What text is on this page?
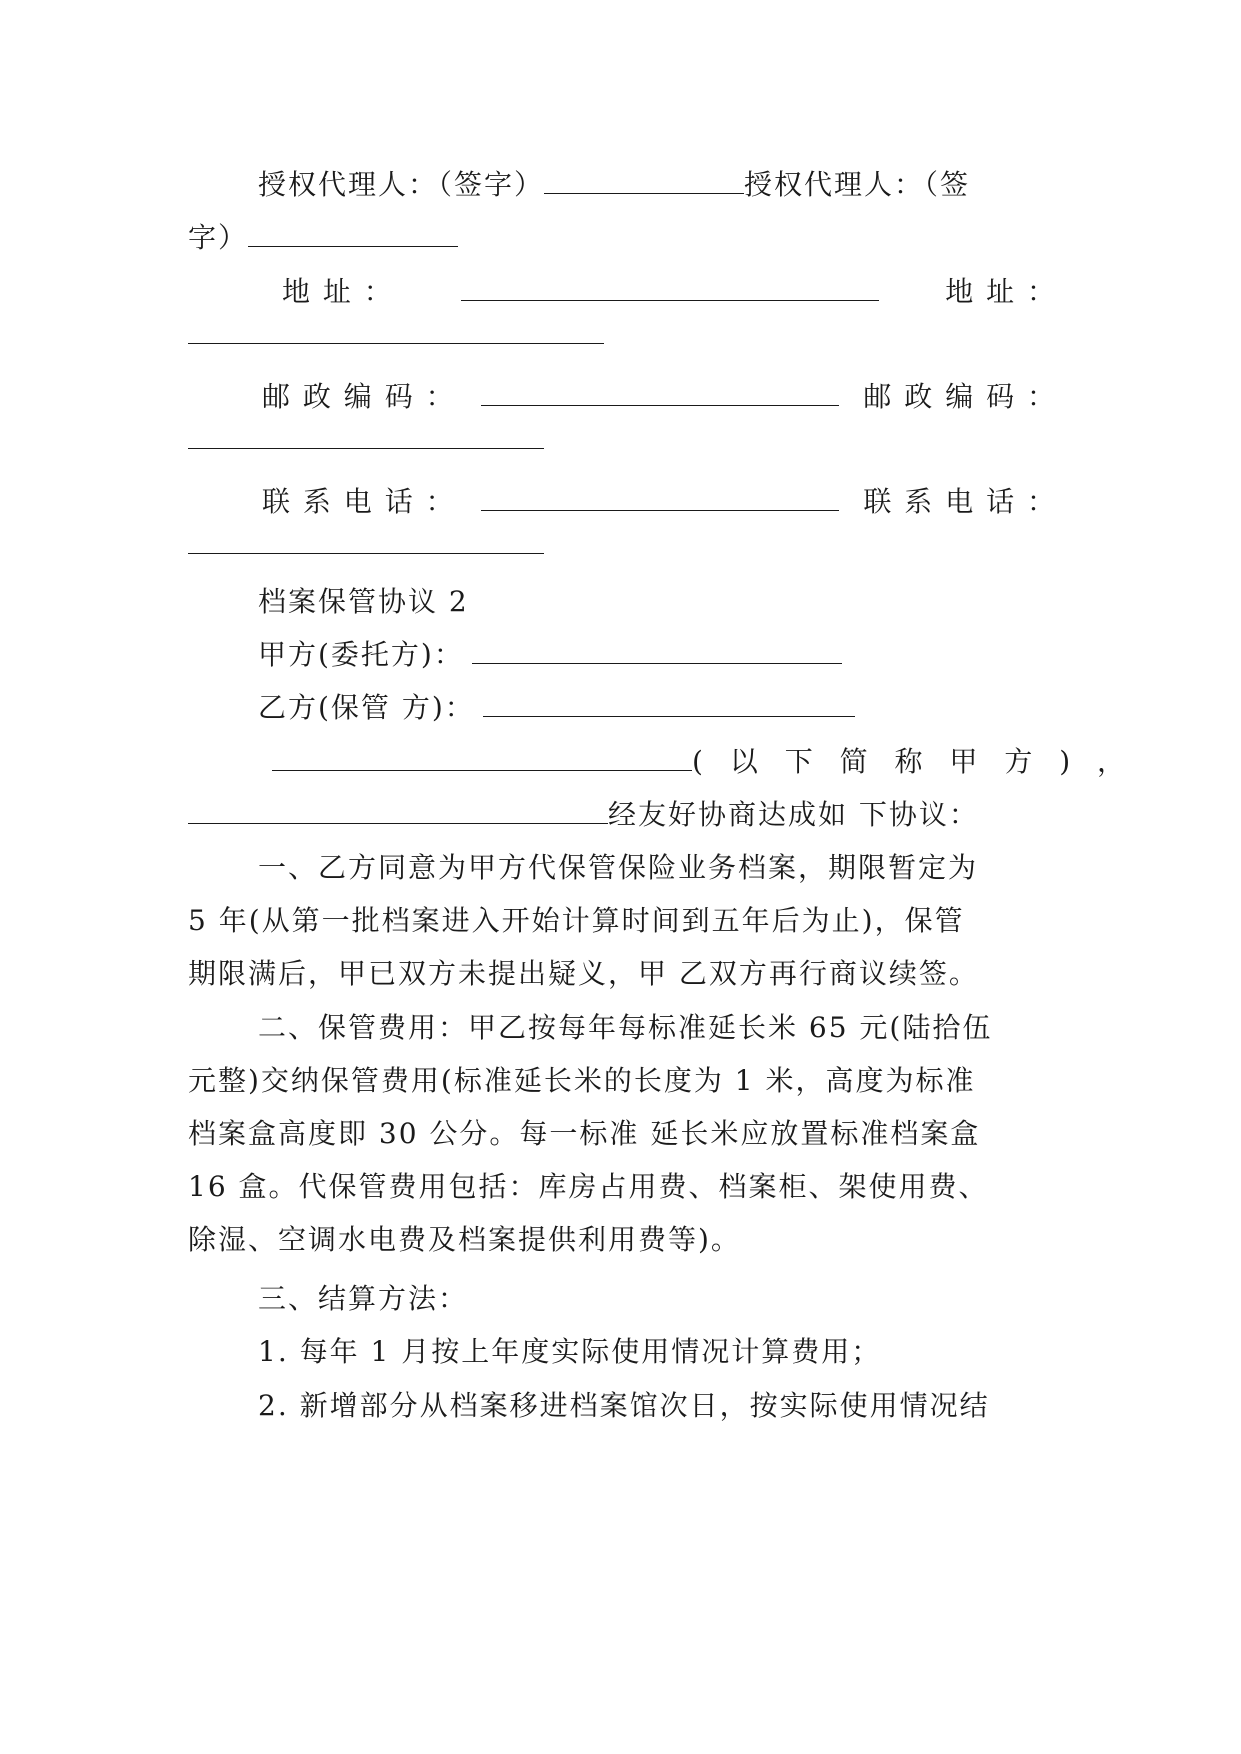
授权代理人：（签字）	授权代理人：（签
字）
地 址 ：	地 址 ：
邮 政 编 码 ：	邮 政 编 码 ：
联 系 电 话 ：	联 系 电 话 ：
档案保管协议 2
甲方(委托方)：
乙方(保管 方)：
( 以 下 简 称 甲 方 ) ，
经友好协商达成如 下协议：
一、乙方同意为甲方代保管保险业务档案，期限暂定为
5 年(从第一批档案进入开始计算时间到五年后为止)，保管
期限满后，甲已双方未提出疑义，甲 乙双方再行商议续签。
二、保管费用：甲乙按每年每标准延长米 65 元(陆拾伍
元整)交纳保管费用(标准延长米的长度为 1 米，高度为标准
档案盒高度即 30 公分。每一标准 延长米应放置标准档案盒
16 盒。代保管费用包括：库房占用费、档案柜、架使用费、
除湿、空调水电费及档案提供利用费等)。
三、结算方法：
1. 每年 1 月按上年度实际使用情况计算费用；
2. 新增部分从档案移进档案馆次日，按实际使用情况结
